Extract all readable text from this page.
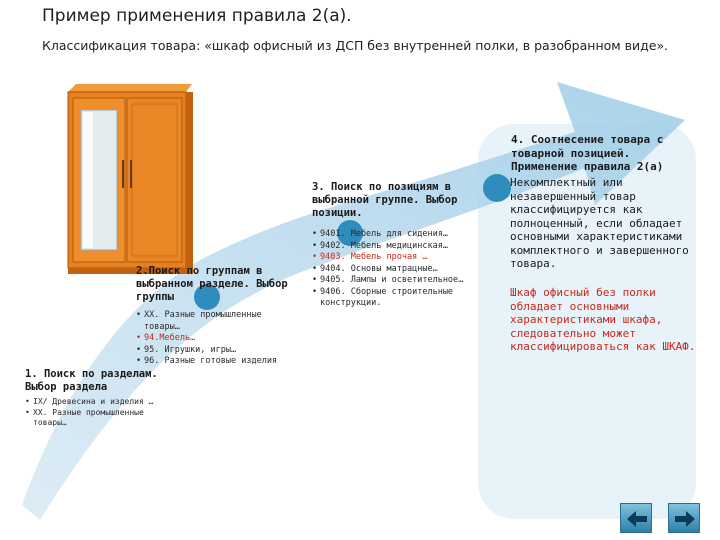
Пример применения правила 2(а).
Классификация товара: «шкаф офисный из ДСП без внутренней полки, в разобранном виде».
1. Поиск по разделам. Выбор раздела
• IX/ Древесина и изделия …
• XX. Разные промышленные товары…
2.Поиск по группам в выбранном разделе. Выбор группы
• XX. Разные промышленные товары…
• 94.Мебель…
• 95. Игрушки, игры…
• 96. Разные готовые изделия
3. Поиск по позициям в выбранной группе. Выбор позиции.
• 9401. Мебель для сидения…
• 9402. Мебель медицинская…
• 9403. Мебель прочая …
• 9404. Основы матрацные…
• 9405. Лампы и осветительное…
• 9406. Сборные строительные конструкции.
4. Соотнесение товара с товарной позицией. Применение правила 2(а)
Некомплектный или незавершенный товар классифицируется как полноценный, если обладает основными характеристиками комплектного и завершенного товара.
Шкаф офисный без полки обладает основными характеристиками шкафа, следовательно может классифицироваться как ШКАФ.
